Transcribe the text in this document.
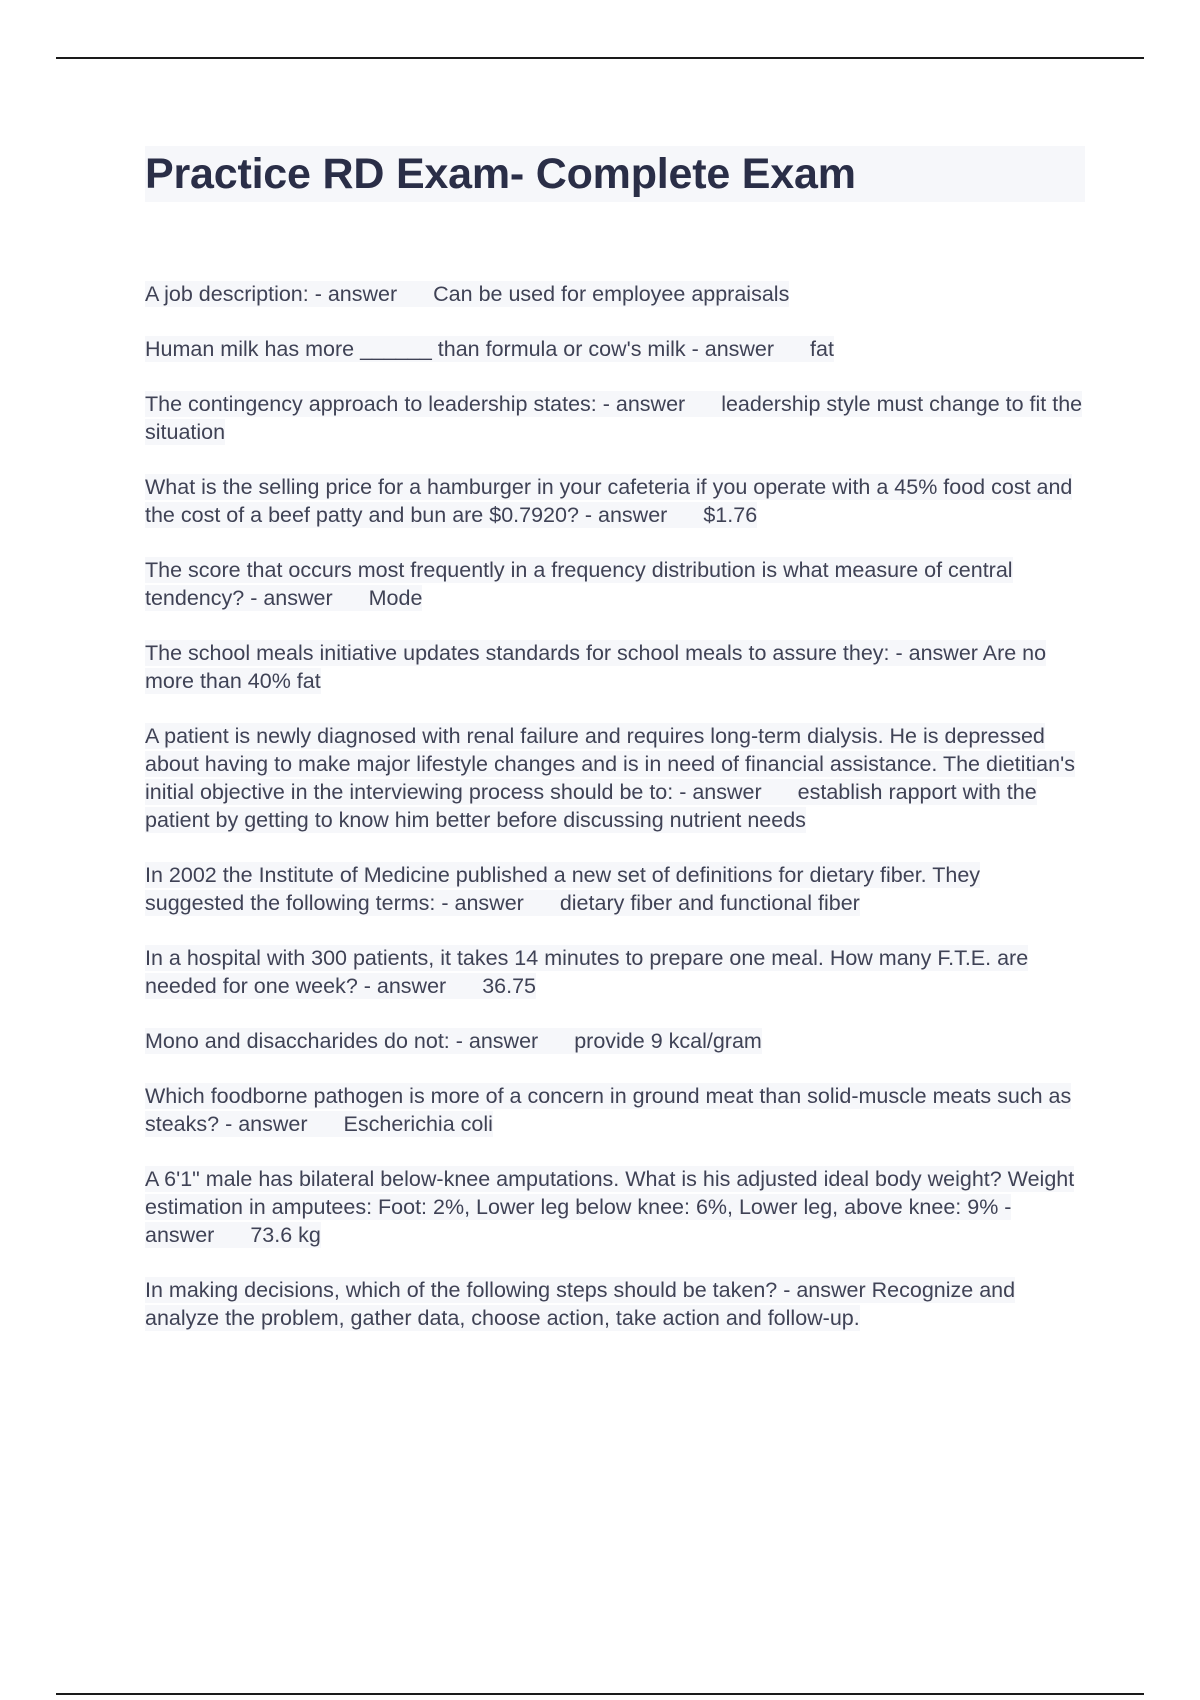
Practice RD Exam- Complete Exam

A job description: - answer Can be used for employee appraisals

Human milk has more ______ than formula or cow's milk - answer fat

The contingency approach to leadership states: - answer leadership style must change to fit the situation

What is the selling price for a hamburger in your cafeteria if you operate with a 45% food cost and the cost of a beef patty and bun are $0.7920? - answer $1.76

The score that occurs most frequently in a frequency distribution is what measure of central tendency? - answer Mode

The school meals initiative updates standards for school meals to assure they: - answer Are no more than 40% fat

A patient is newly diagnosed with renal failure and requires long-term dialysis. He is depressed about having to make major lifestyle changes and is in need of financial assistance. The dietitian's initial objective in the interviewing process should be to: - answer establish rapport with the patient by getting to know him better before discussing nutrient needs

In 2002 the Institute of Medicine published a new set of definitions for dietary fiber. They suggested the following terms: - answer dietary fiber and functional fiber

In a hospital with 300 patients, it takes 14 minutes to prepare one meal. How many F.T.E. are needed for one week? - answer 36.75

Mono and disaccharides do not: - answer provide 9 kcal/gram

Which foodborne pathogen is more of a concern in ground meat than solid-muscle meats such as steaks? - answer Escherichia coli

A 6'1" male has bilateral below-knee amputations. What is his adjusted ideal body weight? Weight estimation in amputees: Foot: 2%, Lower leg below knee: 6%, Lower leg, above knee: 9% - answer 73.6 kg

In making decisions, which of the following steps should be taken? - answer Recognize and analyze the problem, gather data, choose action, take action and follow-up.
